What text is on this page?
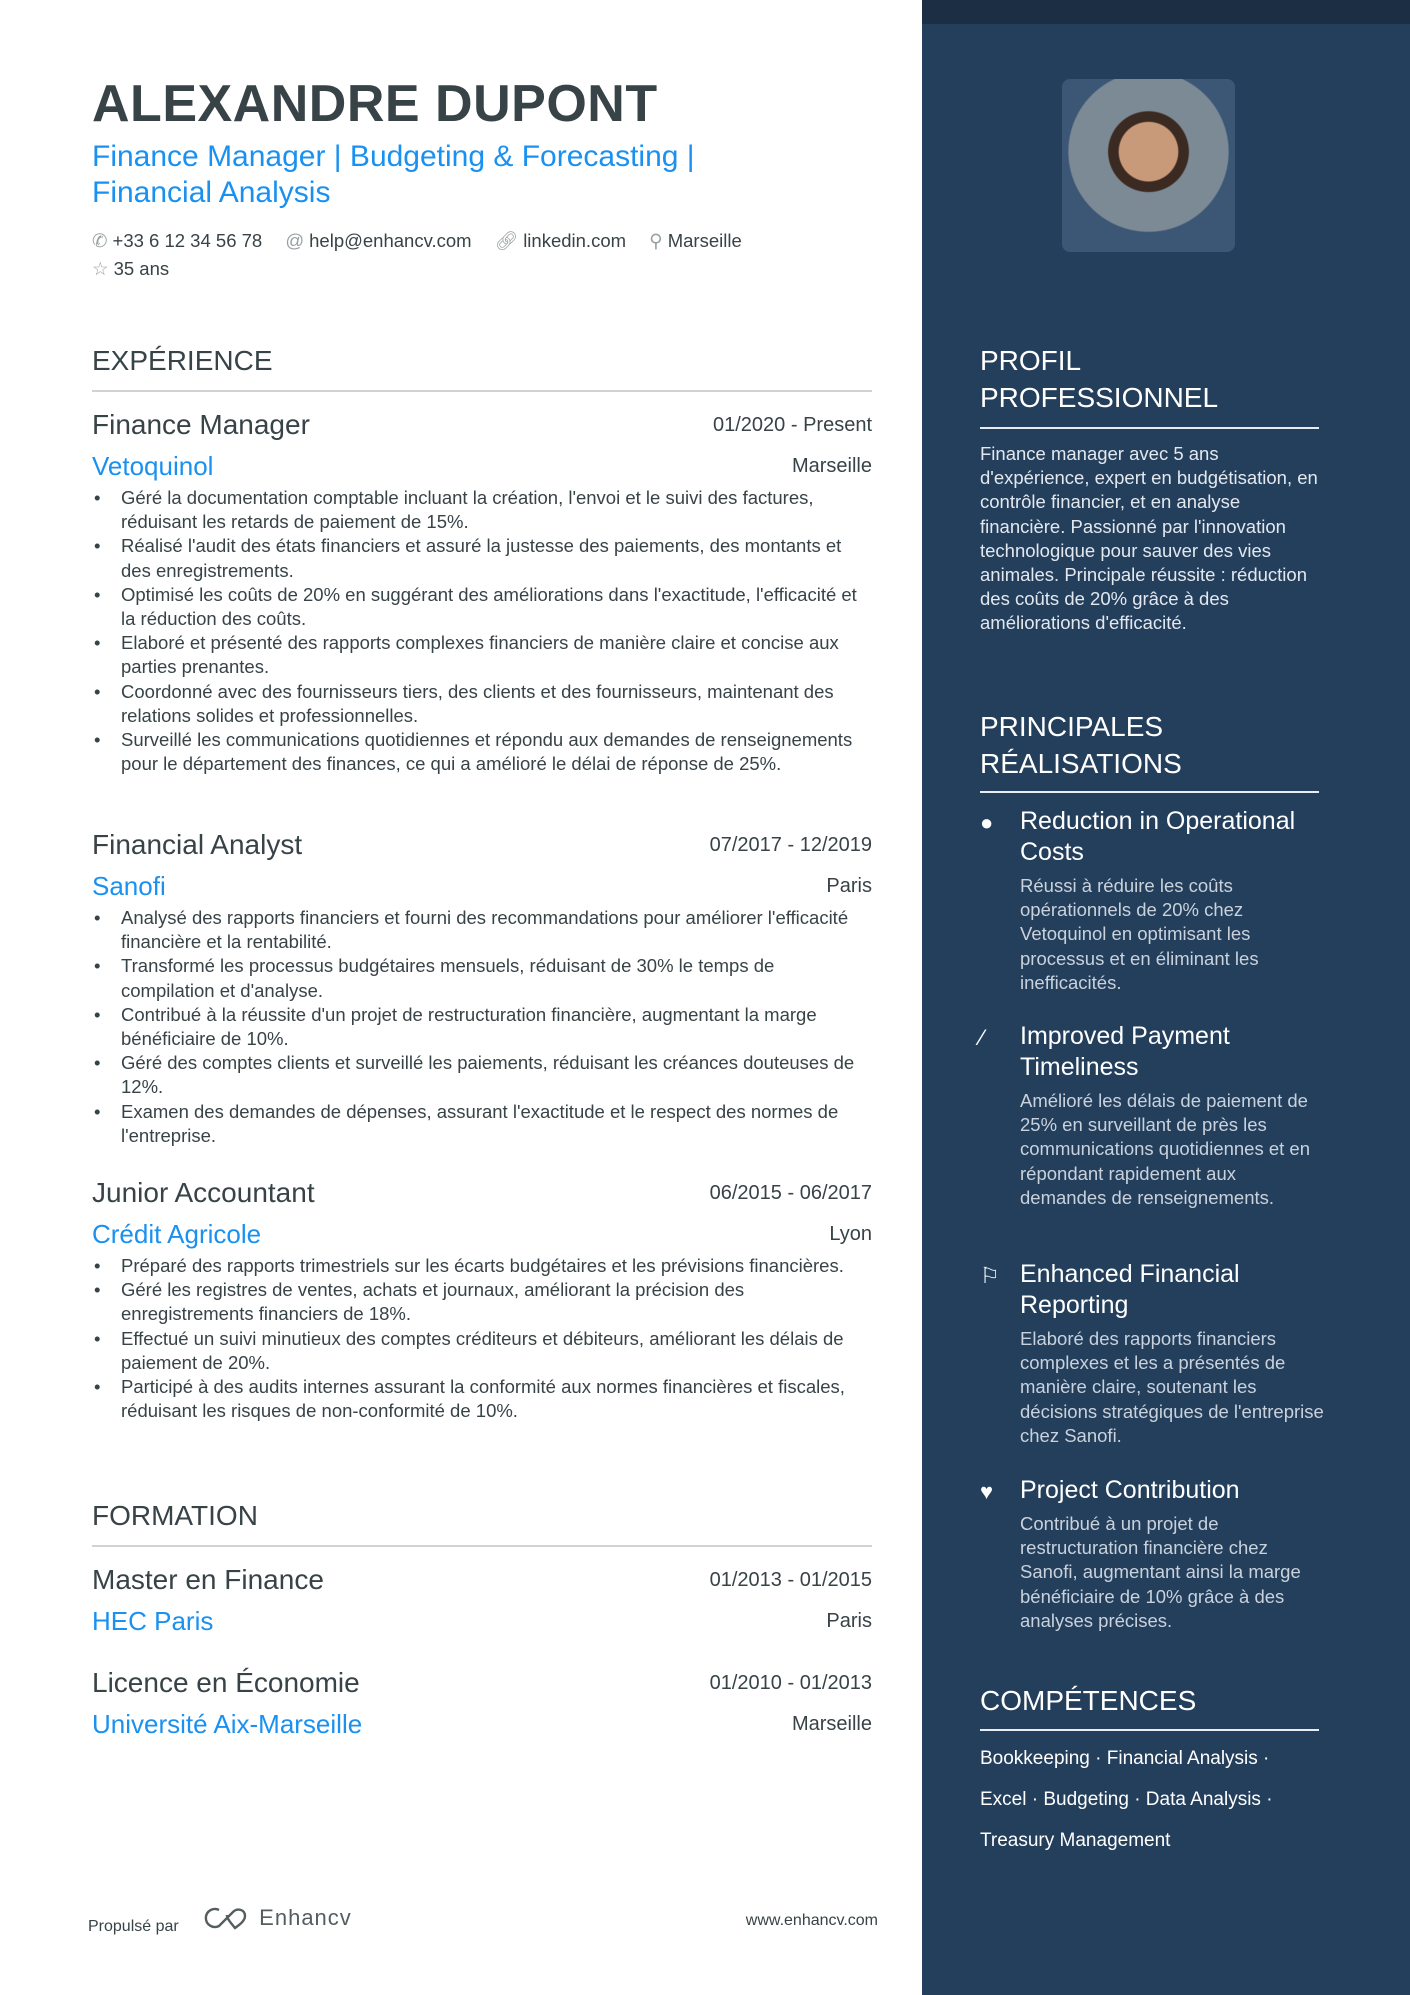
ALEXANDRE DUPONT
Finance Manager | Budgeting & Forecasting | Financial Analysis
✆ +33 6 12 34 56 78 @ help@enhancv.com 🔗︎ linkedin.com ⚲ Marseille
☆ 35 ans
EXPÉRIENCE
Finance Manager	01/2020 - Present
Vetoquinol	Marseille
• Géré la documentation comptable incluant la création, l'envoi et le suivi des factures, réduisant les retards de paiement de 15%.
• Réalisé l'audit des états financiers et assuré la justesse des paiements, des montants et des enregistrements.
• Optimisé les coûts de 20% en suggérant des améliorations dans l'exactitude, l'efficacité et la réduction des coûts.
• Elaboré et présenté des rapports complexes financiers de manière claire et concise aux parties prenantes.
• Coordonné avec des fournisseurs tiers, des clients et des fournisseurs, maintenant des relations solides et professionnelles.
• Surveillé les communications quotidiennes et répondu aux demandes de renseignements pour le département des finances, ce qui a amélioré le délai de réponse de 25%.
Financial Analyst	07/2017 - 12/2019
Sanofi	Paris
• Analysé des rapports financiers et fourni des recommandations pour améliorer l'efficacité financière et la rentabilité.
• Transformé les processus budgétaires mensuels, réduisant de 30% le temps de compilation et d'analyse.
• Contribué à la réussite d'un projet de restructuration financière, augmentant la marge bénéficiaire de 10%.
• Géré des comptes clients et surveillé les paiements, réduisant les créances douteuses de 12%.
• Examen des demandes de dépenses, assurant l'exactitude et le respect des normes de l'entreprise.
Junior Accountant	06/2015 - 06/2017
Crédit Agricole	Lyon
• Préparé des rapports trimestriels sur les écarts budgétaires et les prévisions financières.
• Géré les registres de ventes, achats et journaux, améliorant la précision des enregistrements financiers de 18%.
• Effectué un suivi minutieux des comptes créditeurs et débiteurs, améliorant les délais de paiement de 20%.
• Participé à des audits internes assurant la conformité aux normes financières et fiscales, réduisant les risques de non-conformité de 10%.
FORMATION
Master en Finance	01/2013 - 01/2015
HEC Paris	Paris
Licence en Économie	01/2010 - 01/2013
Université Aix-Marseille	Marseille
PROFIL PROFESSIONNEL
Finance manager avec 5 ans d'expérience, expert en budgétisation, en contrôle financier, et en analyse financière. Passionné par l'innovation technologique pour sauver des vies animales. Principale réussite : réduction des coûts de 20% grâce à des améliorations d'efficacité.
PRINCIPALES RÉALISATIONS
●	Reduction in Operational Costs
Réussi à réduire les coûts opérationnels de 20% chez Vetoquinol en optimisant les processus et en éliminant les inefficacités.
⁄	Improved Payment Timeliness
Amélioré les délais de paiement de 25% en surveillant de près les communications quotidiennes et en répondant rapidement aux demandes de renseignements.
⚐ Enhanced Financial Reporting
Elaboré des rapports financiers complexes et les a présentés de manière claire, soutenant les décisions stratégiques de l'entreprise chez Sanofi.
♥	Project Contribution
Contribué à un projet de restructuration financière chez Sanofi, augmentant ainsi la marge bénéficiaire de 10% grâce à des analyses précises.
COMPÉTENCES
Bookkeeping · Financial Analysis ·
Excel · Budgeting · Data Analysis ·
Treasury Management
Propulsé par	Enhancv	www.enhancv.com
